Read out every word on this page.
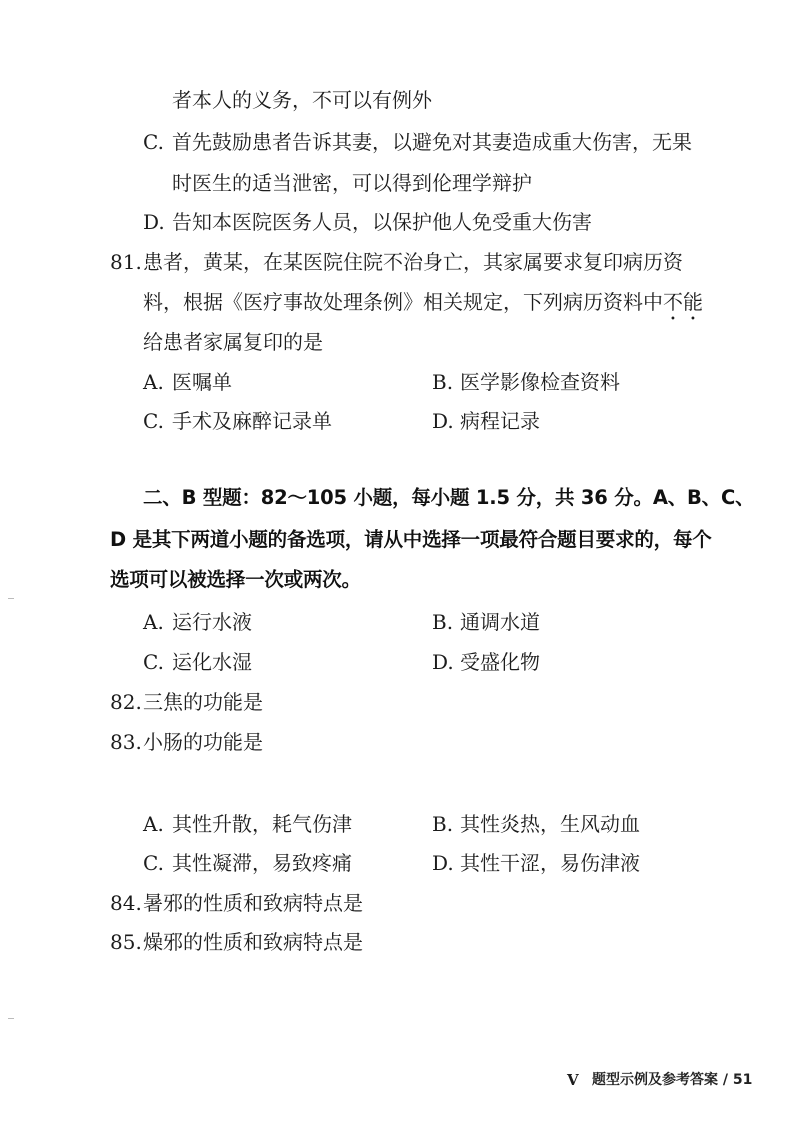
者本人的义务，不可以有例外
C. 首先鼓励患者告诉其妻，以避免对其妻造成重大伤害，无果
时医生的适当泄密，可以得到伦理学辩护
D. 告知本医院医务人员，以保护他人免受重大伤害
81. 患者，黄某，在某医院住院不治身亡，其家属要求复印病历资
料，根据《医疗事故处理条例》相关规定，下列病历资料中不能
给患者家属复印的是
A. 医嘱单	B. 医学影像检查资料
C. 手术及麻醉记录单	D. 病程记录
二、B 型题：82～105 小题，每小题 1.5 分，共 36 分。A、B、C、
D 是其下两道小题的备选项，请从中选择一项最符合题目要求的，每个
选项可以被选择一次或两次。
A. 运行水液	B. 通调水道
C. 运化水湿	D. 受盛化物
82. 三焦的功能是
83. 小肠的功能是
A. 其性升散，耗气伤津	B. 其性炎热，生风动血
C. 其性凝滞，易致疼痛	D. 其性干涩，易伤津液
84. 暑邪的性质和致病特点是
85. 燥邪的性质和致病特点是
V 题型示例及参考答案 / 51
